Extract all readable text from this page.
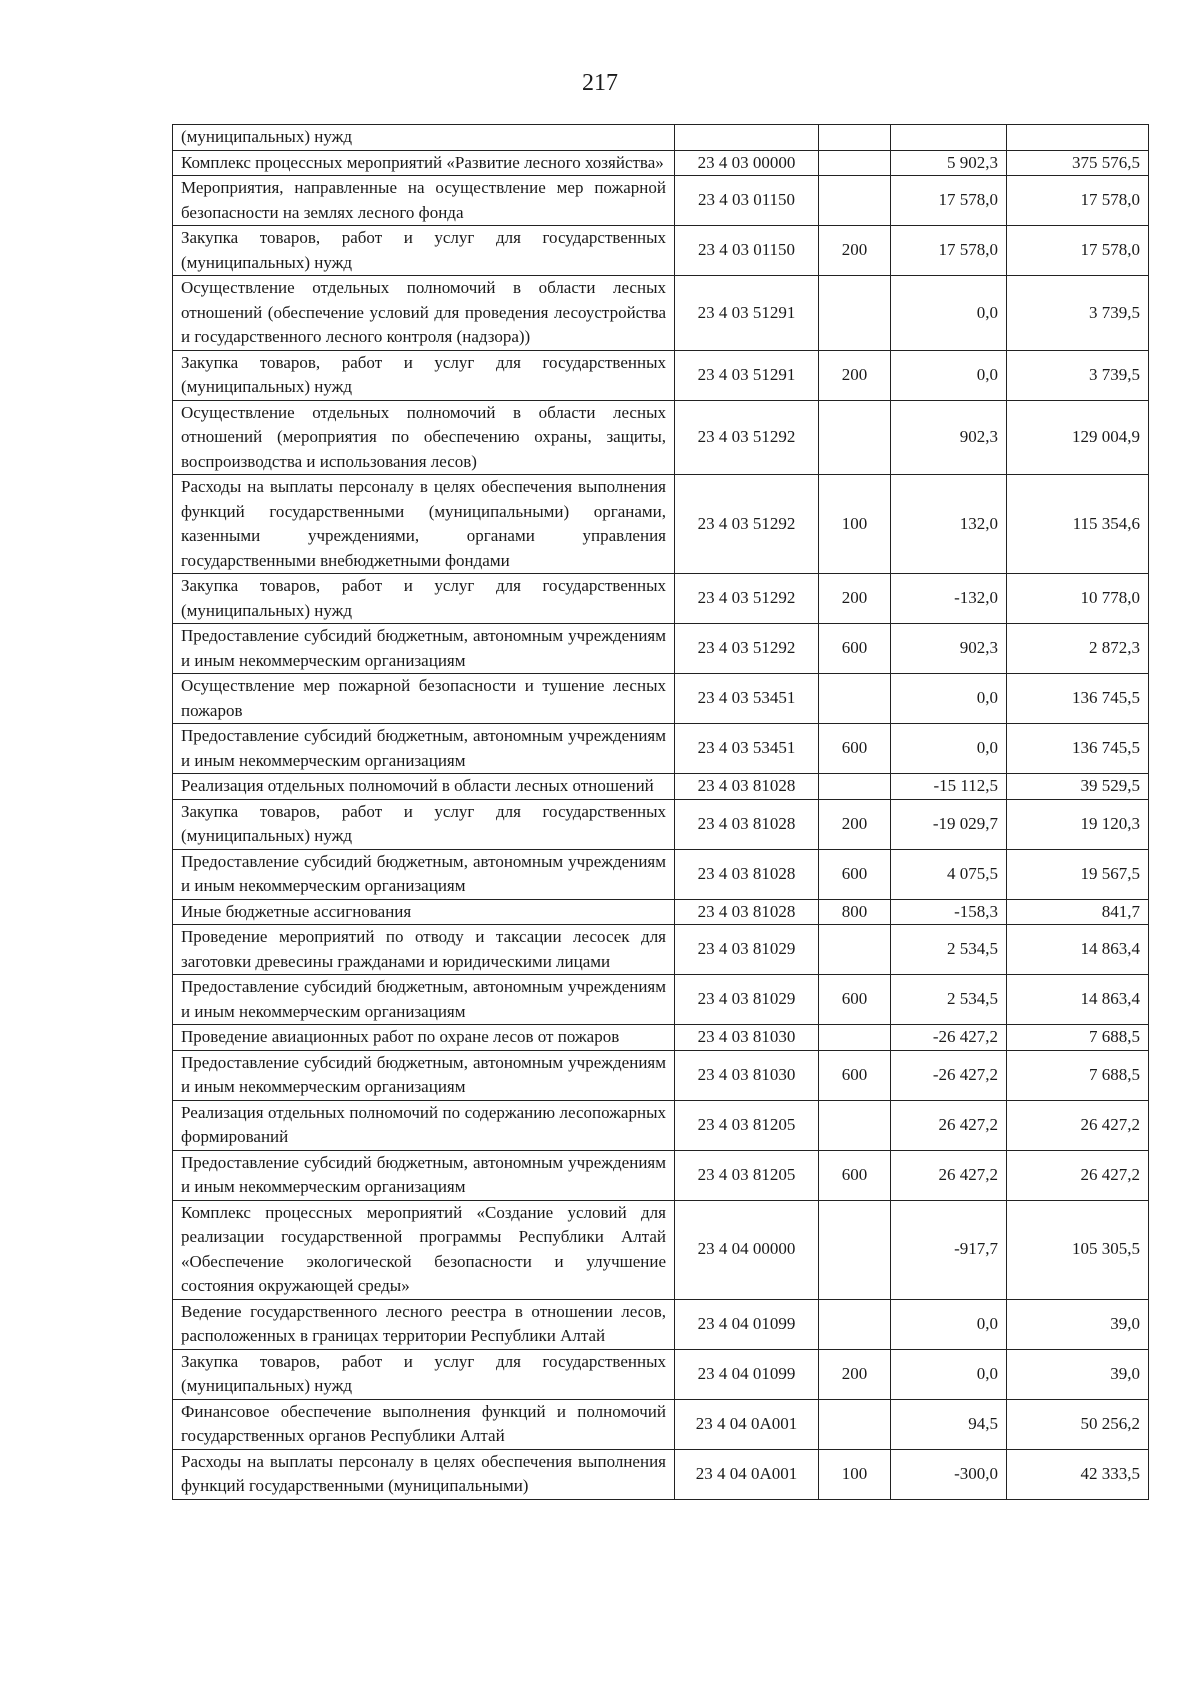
217
(муниципальных) нужд				
Комплекс процессных мероприятий «Развитие лесного хозяйства»	23 4 03 00000		5 902,3	375 576,5
Мероприятия, направленные на осуществление мер пожарной безопасности на землях лесного фонда	23 4 03 01150		17 578,0	17 578,0
Закупка товаров, работ и услуг для государственных (муниципальных) нужд	23 4 03 01150	200	17 578,0	17 578,0
Осуществление отдельных полномочий в области лесных отношений (обеспечение условий для проведения лесоустройства и государственного лесного контроля (надзора))	23 4 03 51291		0,0	3 739,5
Закупка товаров, работ и услуг для государственных (муниципальных) нужд	23 4 03 51291	200	0,0	3 739,5
Осуществление отдельных полномочий в области лесных отношений (мероприятия по обеспечению охраны, защиты, воспроизводства и использования лесов)	23 4 03 51292		902,3	129 004,9
Расходы на выплаты персоналу в целях обеспечения выполнения функций государственными (муниципальными) органами, казенными учреждениями, органами управления государственными внебюджетными фондами	23 4 03 51292	100	132,0	115 354,6
Закупка товаров, работ и услуг для государственных (муниципальных) нужд	23 4 03 51292	200	-132,0	10 778,0
Предоставление субсидий бюджетным, автономным учреждениям и иным некоммерческим организациям	23 4 03 51292	600	902,3	2 872,3
Осуществление мер пожарной безопасности и тушение лесных пожаров	23 4 03 53451		0,0	136 745,5
Предоставление субсидий бюджетным, автономным учреждениям и иным некоммерческим организациям	23 4 03 53451	600	0,0	136 745,5
Реализация отдельных полномочий в области лесных отношений	23 4 03 81028		-15 112,5	39 529,5
Закупка товаров, работ и услуг для государственных (муниципальных) нужд	23 4 03 81028	200	-19 029,7	19 120,3
Предоставление субсидий бюджетным, автономным учреждениям и иным некоммерческим организациям	23 4 03 81028	600	4 075,5	19 567,5
Иные бюджетные ассигнования	23 4 03 81028	800	-158,3	841,7
Проведение мероприятий по отводу и таксации лесосек для заготовки древесины гражданами и юридическими лицами	23 4 03 81029		2 534,5	14 863,4
Предоставление субсидий бюджетным, автономным учреждениям и иным некоммерческим организациям	23 4 03 81029	600	2 534,5	14 863,4
Проведение авиационных работ по охране лесов от пожаров	23 4 03 81030		-26 427,2	7 688,5
Предоставление субсидий бюджетным, автономным учреждениям и иным некоммерческим организациям	23 4 03 81030	600	-26 427,2	7 688,5
Реализация отдельных полномочий по содержанию лесопожарных формирований	23 4 03 81205		26 427,2	26 427,2
Предоставление субсидий бюджетным, автономным учреждениям и иным некоммерческим организациям	23 4 03 81205	600	26 427,2	26 427,2
Комплекс процессных мероприятий «Создание условий для реализации государственной программы Республики Алтай «Обеспечение экологической безопасности и улучшение состояния окружающей среды»	23 4 04 00000		-917,7	105 305,5
Ведение государственного лесного реестра в отношении лесов, расположенных в границах территории Республики Алтай	23 4 04 01099		0,0	39,0
Закупка товаров, работ и услуг для государственных (муниципальных) нужд	23 4 04 01099	200	0,0	39,0
Финансовое обеспечение выполнения функций и полномочий государственных органов Республики Алтай	23 4 04 0A001		94,5	50 256,2
Расходы на выплаты персоналу в целях обеспечения выполнения функций государственными (муниципальными)	23 4 04 0A001	100	-300,0	42 333,5
